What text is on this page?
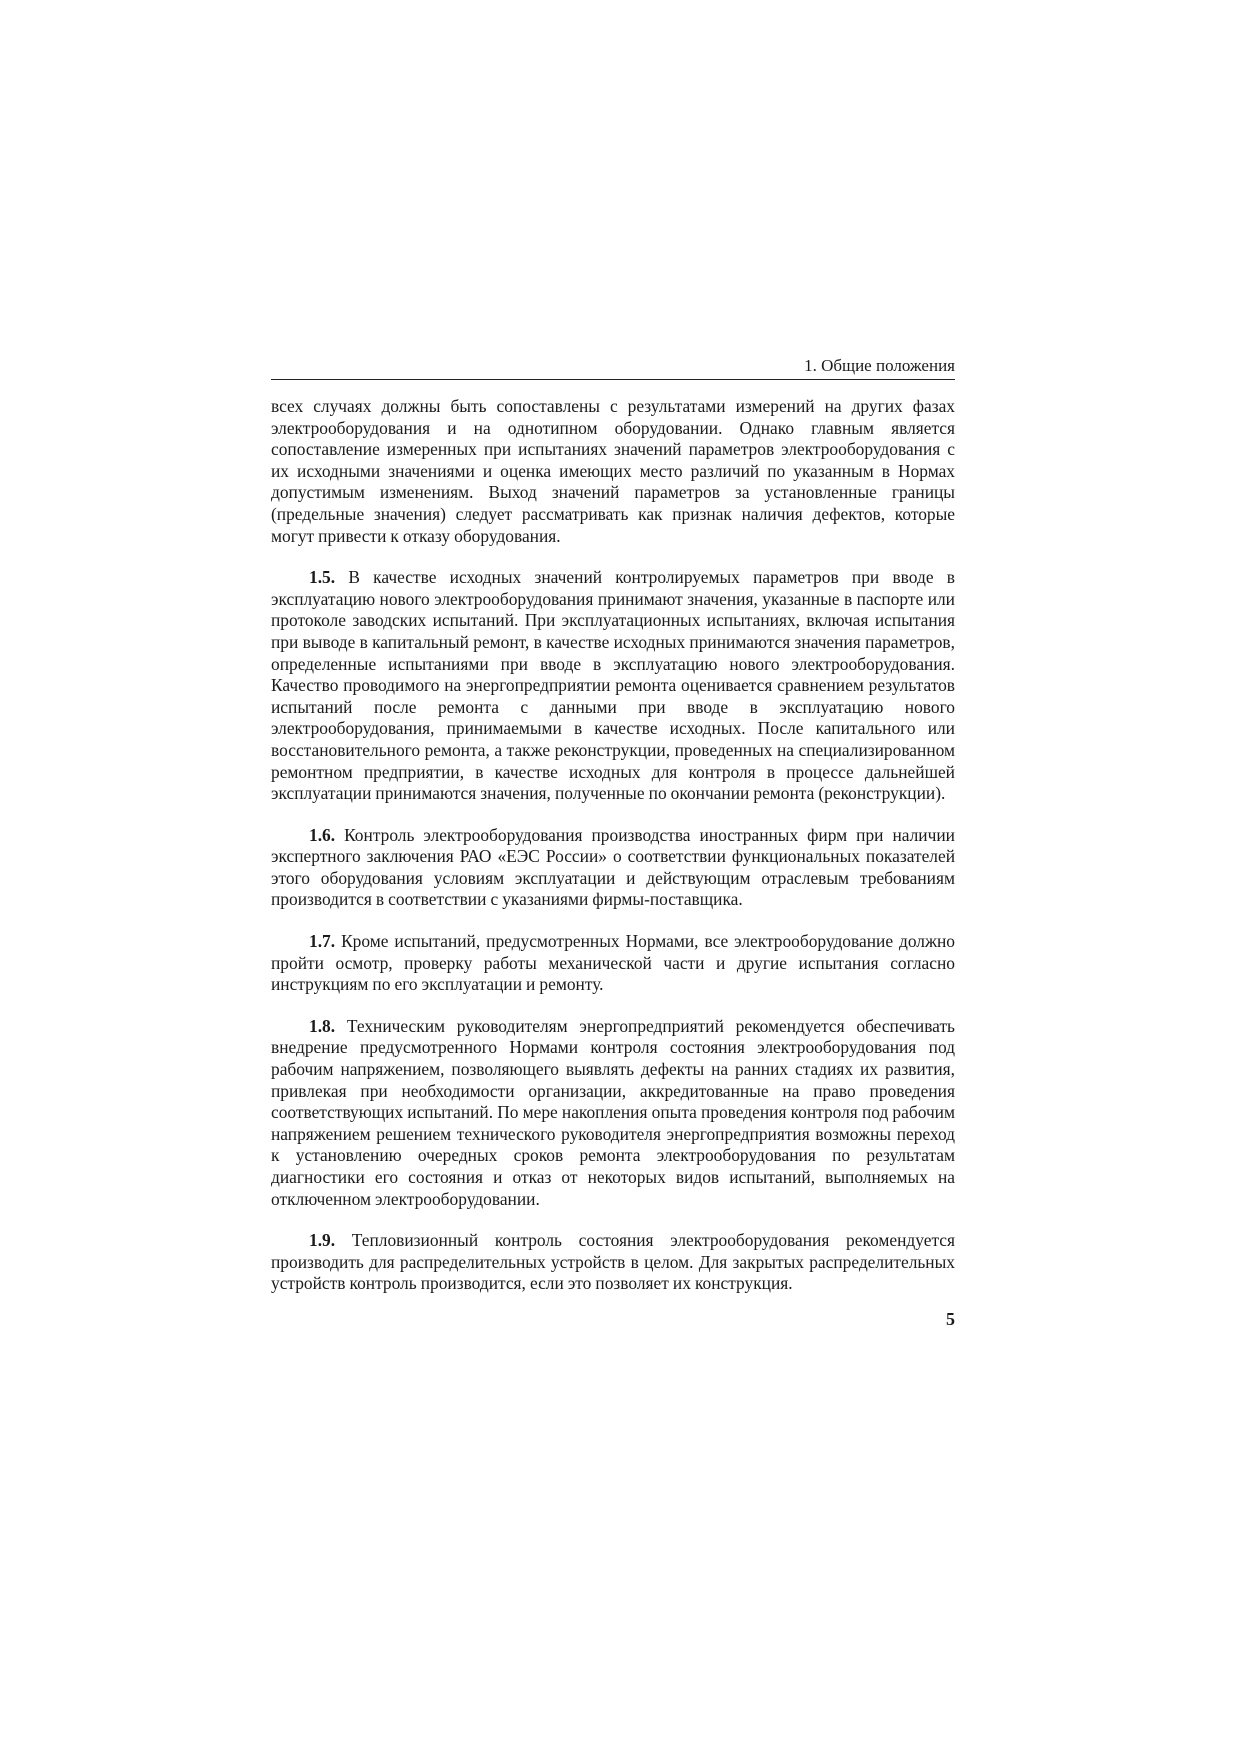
1. Общие положения

всех случаях должны быть сопоставлены с результатами измерений на других фазах электрооборудования и на однотипном оборудовании. Однако главным является сопоставление измеренных при испытаниях значений параметров электрооборудования с их исходными значениями и оценка имеющих место различий по указанным в Нормах допустимым изменениям. Выход значений параметров за установленные границы (предельные значения) следует рассматривать как признак наличия дефектов, которые могут привести к отказу оборудования.

1.5. В качестве исходных значений контролируемых параметров при вводе в эксплуатацию нового электрооборудования принимают значения, указанные в паспорте или протоколе заводских испытаний. При эксплуатационных испытаниях, включая испытания при выводе в капитальный ремонт, в качестве исходных принимаются значения параметров, определенные испытаниями при вводе в эксплуатацию нового электрооборудования. Качество проводимого на энергопредприятии ремонта оценивается сравнением результатов испытаний после ремонта с данными при вводе в эксплуатацию нового электрооборудования, принимаемыми в качестве исходных. После капитального или восстановительного ремонта, а также реконструкции, проведенных на специализированном ремонтном предприятии, в качестве исходных для контроля в процессе дальнейшей эксплуатации принимаются значения, полученные по окончании ремонта (реконструкции).

1.6. Контроль электрооборудования производства иностранных фирм при наличии экспертного заключения РАО «ЕЭС России» о соответствии функциональных показателей этого оборудования условиям эксплуатации и действующим отраслевым требованиям производится в соответствии с указаниями фирмы-поставщика.

1.7. Кроме испытаний, предусмотренных Нормами, все электрооборудование должно пройти осмотр, проверку работы механической части и другие испытания согласно инструкциям по его эксплуатации и ремонту.

1.8. Техническим руководителям энергопредприятий рекомендуется обеспечивать внедрение предусмотренного Нормами контроля состояния электрооборудования под рабочим напряжением, позволяющего выявлять дефекты на ранних стадиях их развития, привлекая при необходимости организации, аккредитованные на право проведения соответствующих испытаний. По мере накопления опыта проведения контроля под рабочим напряжением решением технического руководителя энергопредприятия возможны переход к установлению очередных сроков ремонта электрооборудования по результатам диагностики его состояния и отказ от некоторых видов испытаний, выполняемых на отключенном электрооборудовании.

1.9. Тепловизионный контроль состояния электрооборудования рекомендуется производить для распределительных устройств в целом. Для закрытых распределительных устройств контроль производится, если это позволяет их конструкция.

5
